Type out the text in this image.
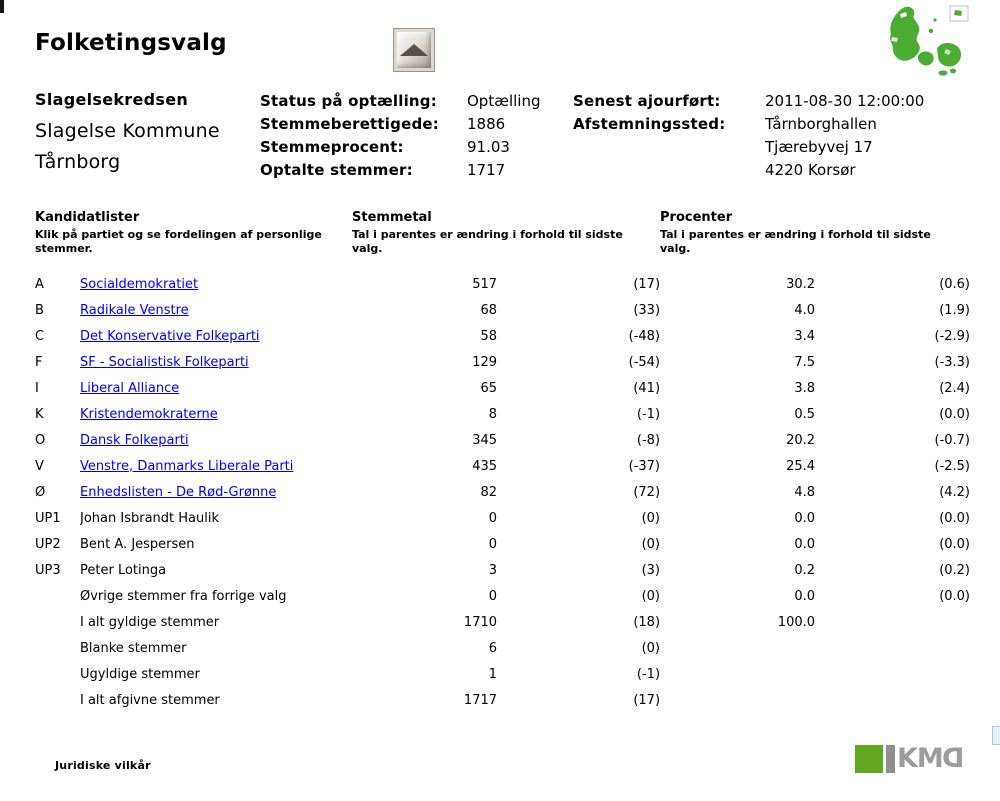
Folketingsvalg
Slagelsekredsen
Slagelse Kommune
Tårnborg
Status på optælling:	Optælling
Stemmeberettigede:	1886
Stemmeprocent:	91.03
Optalte stemmer:	1717
Senest ajourført:	2011-08-30 12:00:00
Afstemningssted:	Tårnborghallen
Tjærebyvej 17
4220 Korsør
Kandidatlister
Klik på partiet og se fordelingen af personlige stemmer.

Stemmetal
Tal i parentes er ændring i forhold til sidste valg.

Procenter
Tal i parentes er ændring i forhold til sidste valg.

A	Socialdemokratiet	517	(17)	30.2	(0.6)
B	Radikale Venstre	68	(33)	4.0	(1.9)
C	Det Konservative Folkeparti	58	(-48)	3.4	(-2.9)
F	SF - Socialistisk Folkeparti	129	(-54)	7.5	(-3.3)
I	Liberal Alliance	65	(41)	3.8	(2.4)
K	Kristendemokraterne	8	(-1)	0.5	(0.0)
O	Dansk Folkeparti	345	(-8)	20.2	(-0.7)
V	Venstre, Danmarks Liberale Parti	435	(-37)	25.4	(-2.5)
Ø	Enhedslisten - De Rød-Grønne	82	(72)	4.8	(4.2)
UP1	Johan Isbrandt Haulik	0	(0)	0.0	(0.0)
UP2	Bent A. Jespersen	0	(0)	0.0	(0.0)
UP3	Peter Lotinga	3	(3)	0.2	(0.2)
	Øvrige stemmer fra forrige valg	0	(0)	0.0	(0.0)
	I alt gyldige stemmer	1710	(18)	100.0	
	Blanke stemmer	6	(0)		
	Ugyldige stemmer	1	(-1)		
	I alt afgivne stemmer	1717	(17)		
Juridiske vilkår	KMD
